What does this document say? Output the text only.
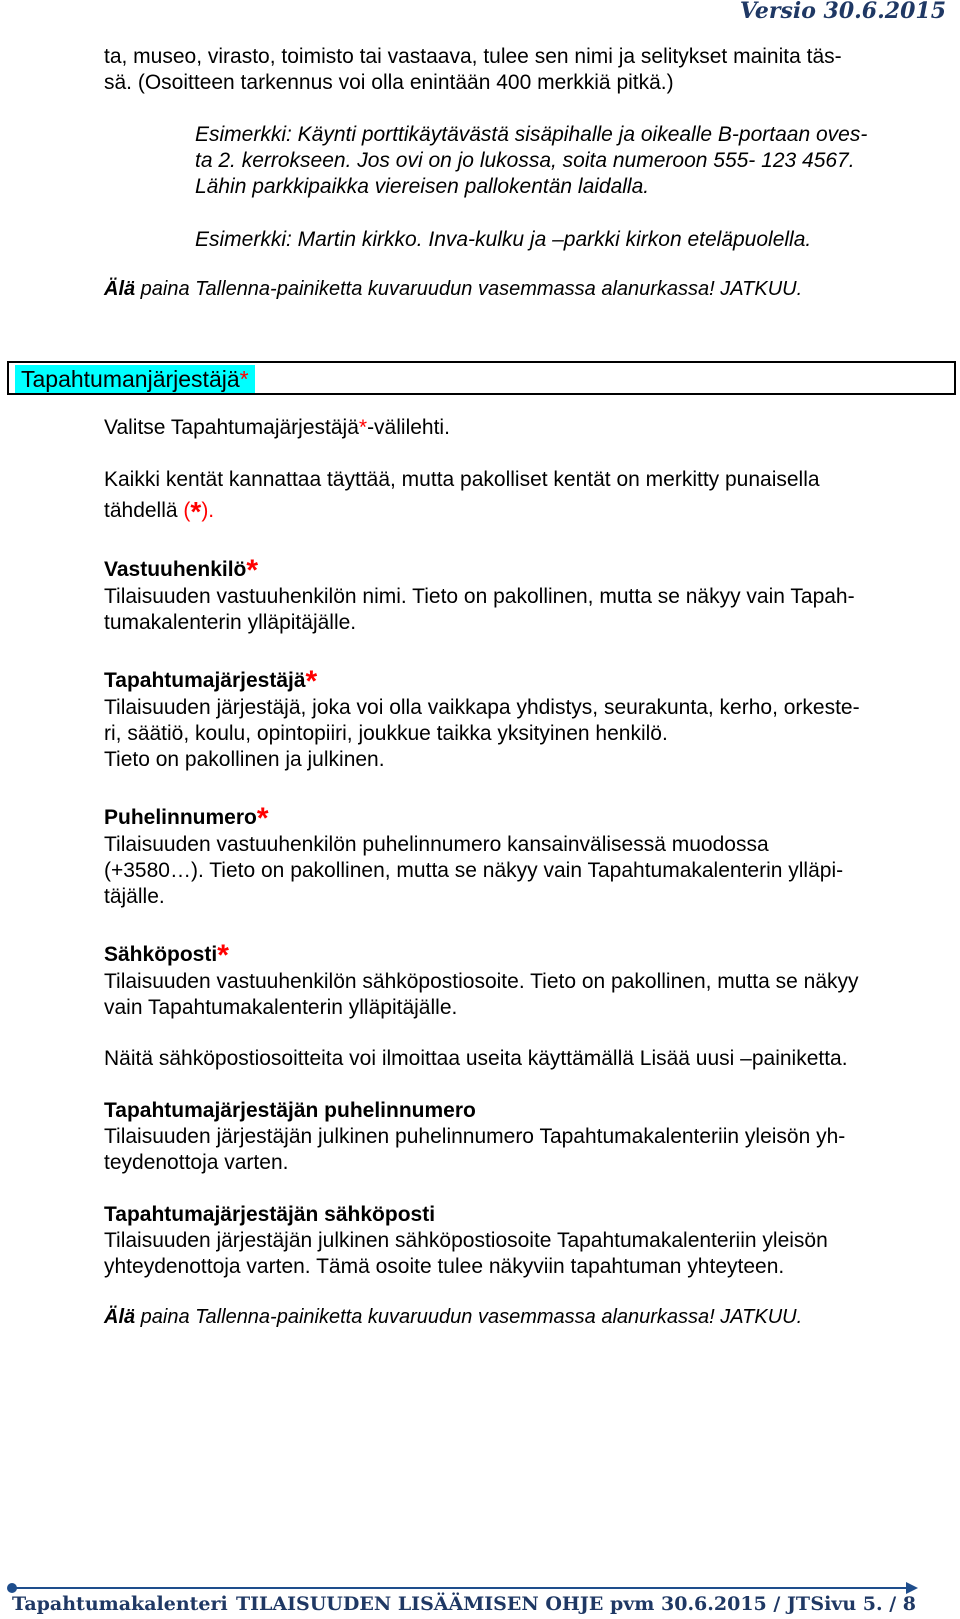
Versio 30.6.2015

ta, museo, virasto, toimisto tai vastaava, tulee sen nimi ja selitykset mainita täs-

sä. (Osoitteen tarkennus voi olla enintään 400 merkkiä pitkä.)

Esimerkki: Käynti porttikäytävästä sisäpihalle ja oikealle B-portaan oves-

ta 2. kerrokseen. Jos ovi on jo lukossa, soita numeroon 555- 123 4567.

Lähin parkkipaikka viereisen pallokentän laidalla.

Esimerkki: Martin kirkko. Inva-kulku ja –parkki kirkon eteläpuolella.

Älä paina Tallenna-painiketta kuvaruudun vasemmassa alanurkassa! JATKUU.

Tapahtumanjärjestäjä*

Valitse Tapahtumajärjestäjä*-välilehti.

Kaikki kentät kannattaa täyttää, mutta pakolliset kentät on merkitty punaisella

tähdellä (*).

Vastuuhenkilö*

Tilaisuuden vastuuhenkilön nimi. Tieto on pakollinen, mutta se näkyy vain Tapah-

tumakalenterin ylläpitäjälle.

Tapahtumajärjestäjä*

Tilaisuuden järjestäjä, joka voi olla vaikkapa yhdistys, seurakunta, kerho, orkeste-

ri, säätiö, koulu, opintopiiri, joukkue taikka yksityinen henkilö.

Tieto on pakollinen ja julkinen.

Puhelinnumero*

Tilaisuuden vastuuhenkilön puhelinnumero kansainvälisessä muodossa

(+3580…). Tieto on pakollinen, mutta se näkyy vain Tapahtumakalenterin ylläpi-

täjälle.

Sähköposti*

Tilaisuuden vastuuhenkilön sähköpostiosoite. Tieto on pakollinen, mutta se näkyy

vain Tapahtumakalenterin ylläpitäjälle.

Näitä sähköpostiosoitteita voi ilmoittaa useita käyttämällä Lisää uusi –painiketta.

Tapahtumajärjestäjän puhelinnumero

Tilaisuuden järjestäjän julkinen puhelinnumero Tapahtumakalenteriin yleisön yh-

teydenottoja varten.

Tapahtumajärjestäjän sähköposti

Tilaisuuden järjestäjän julkinen sähköpostiosoite Tapahtumakalenteriin yleisön

yhteydenottoja varten. Tämä osoite tulee näkyviin tapahtuman yhteyteen.

Älä paina Tallenna-painiketta kuvaruudun vasemmassa alanurkassa! JATKUU.

Tapahtumakalenteri TILAISUUDEN LISÄÄMISEN OHJE pvm 30.6.2015 / JT Sivu 5. / 8
